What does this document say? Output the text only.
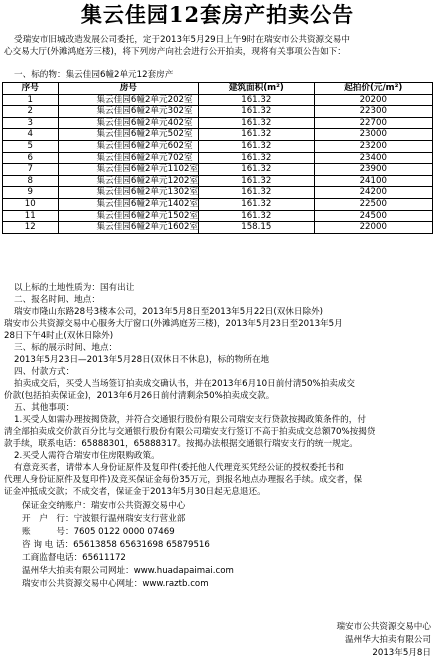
集云佳园12套房产拍卖公告
受瑞安市旧城改造发展公司委托，定于2013年5月29日上午9时在瑞安市公共资源交易中
心交易大厅(外滩鸿庭芳三楼)，将下列房产向社会进行公开拍卖，现将有关事项公告如下：
一、标的物：集云佳园6幢2单元12套房产
序号	房号	建筑面积(m²)	起拍价(元/m²)
1	集云佳园6幢2单元202室	161.32	20200
2	集云佳园6幢2单元302室	161.32	22300
3	集云佳园6幢2单元402室	161.32	22700
4	集云佳园6幢2单元502室	161.32	23000
5	集云佳园6幢2单元602室	161.32	23200
6	集云佳园6幢2单元702室	161.32	23400
7	集云佳园6幢2单元1102室	161.32	23900
8	集云佳园6幢2单元1202室	161.32	24100
9	集云佳园6幢2单元1302室	161.32	24200
10	集云佳园6幢2单元1402室	161.32	22500
11	集云佳园6幢2单元1502室	161.32	24500
12	集云佳园6幢2单元1602室	158.15	22000
以上标的土地性质为：国有出让
二、报名时间、地点：
瑞安市隆山东路28号3楼本公司，2013年5月8日至2013年5月22日(双休日除外)
瑞安市公共资源交易中心服务大厅窗口(外滩鸿庭芳三楼)，2013年5月23日至2013年5月
28日下午4时止(双休日除外)
三、标的展示时间、地点：
2013年5月23日—2013年5月28日(双休日不休息)，标的物所在地
四、付款方式：
拍卖成交后，买受人当场签订拍卖成交确认书，并在2013年6月10日前付清50%拍卖成交
价款(包括拍卖保证金)，2013年6月26日前付清剩余50%拍卖成交款。
五、其他事项：
1.买受人如需办理按揭贷款，并符合交通银行股份有限公司瑞安支行贷款按揭政策条件的，付
清全部拍卖成交价款百分比与交通银行股份有限公司瑞安支行签订不高于拍卖成交总额70%按揭贷
款手续，联系电话：65888301，65888317。按揭办法根据交通银行瑞安支行的统一规定。
2.买受人需符合瑞安市住房限购政策。
有意竞买者，请带本人身份证原件及复印件(委托他人代理竞买凭经公证的授权委托书和
代理人身份证原件及复印件)及竞买保证金每份35万元，到报名地点办理报名手续。成交者，保
证金冲抵成交款；不成交者，保证金于2013年5月30日起无息退还。
保证金交纳账户：瑞安市公共资源交易中心
开　户　行：宁波银行温州瑞安支行营业部
账　　　号：7605 0122 0000 07469
咨 询 电 话：65613858 65631698 65879516
工商监督电话：65611172
温州华大拍卖有限公司网址：www.huadapaimai.com
瑞安市公共资源交易中心网址：www.raztb.com
瑞安市公共资源交易中心
温州华大拍卖有限公司
2013年5月8日
